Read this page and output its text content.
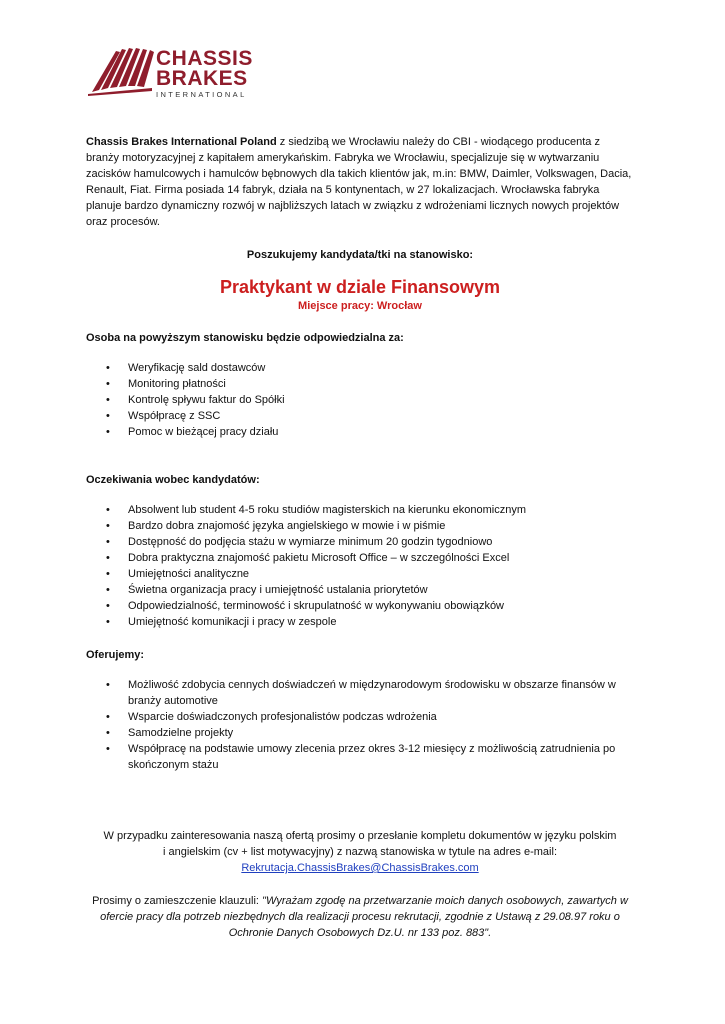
CHASSIS
BRAKES
INTERNATIONAL

Chassis Brakes International Poland z siedzibą we Wrocławiu należy do CBI - wiodącego producenta z branży motoryzacyjnej z kapitałem amerykańskim. Fabryka we Wrocławiu, specjalizuje się w wytwarzaniu zacisków hamulcowych i hamulców bębnowych dla takich klientów jak, m.in: BMW, Daimler, Volkswagen, Dacia, Renault, Fiat. Firma posiada 14 fabryk, działa na 5 kontynentach, w 27 lokalizacjach. Wrocławska fabryka planuje bardzo dynamiczny rozwój w najbliższych latach w związku z wdrożeniami licznych nowych projektów oraz procesów.

Poszukujemy kandydata/tki na stanowisko:

Praktykant w dziale Finansowym

Miejsce pracy: Wrocław

Osoba na powyższym stanowisku będzie odpowiedzialna za:

• Weryfikację sald dostawców
• Monitoring płatności
• Kontrolę spływu faktur do Spółki
• Współpracę z SSC
• Pomoc w bieżącej pracy działu

Oczekiwania wobec kandydatów:

• Absolwent lub student 4-5 roku studiów magisterskich na kierunku ekonomicznym
• Bardzo dobra znajomość języka angielskiego w mowie i w piśmie
• Dostępność do podjęcia stażu w wymiarze minimum 20 godzin tygodniowo
• Dobra praktyczna znajomość pakietu Microsoft Office – w szczególności Excel
• Umiejętności analityczne
• Świetna organizacja pracy i umiejętność ustalania priorytetów
• Odpowiedzialność, terminowość i skrupulatność w wykonywaniu obowiązków
• Umiejętność komunikacji i pracy w zespole

Oferujemy:

• Możliwość zdobycia cennych doświadczeń w międzynarodowym środowisku w obszarze finansów w branży automotive
• Wsparcie doświadczonych profesjonalistów podczas wdrożenia
• Samodzielne projekty
• Współpracę na podstawie umowy zlecenia przez okres 3-12 miesięcy z możliwością zatrudnienia po skończonym stażu

W przypadku zainteresowania naszą ofertą prosimy o przesłanie kompletu dokumentów w języku polskim
i angielskim (cv + list motywacyjny) z nazwą stanowiska w tytule na adres e-mail:
Rekrutacja.ChassisBrakes@ChassisBrakes.com

Prosimy o zamieszczenie klauzuli: "Wyrażam zgodę na przetwarzanie moich danych osobowych, zawartych w ofercie pracy dla potrzeb niezbędnych dla realizacji procesu rekrutacji, zgodnie z Ustawą z 29.08.97 roku o Ochronie Danych Osobowych Dz.U. nr 133 poz. 883".
